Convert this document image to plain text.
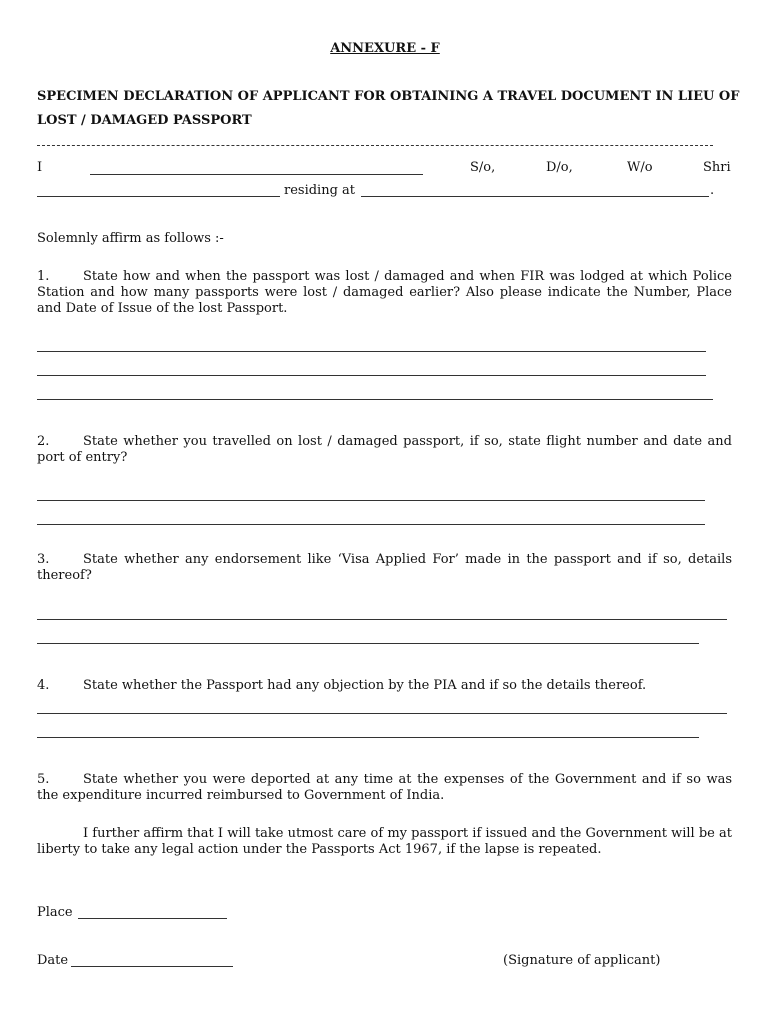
ANNEXURE - F
SPECIMEN DECLARATION OF APPLICANT FOR OBTAINING A TRAVEL DOCUMENT IN LIEU OF
LOST / DAMAGED PASSPORT
I	S/o,	D/o,	W/o	Shri
residing at	.
Solemnly affirm as follows :-
1.	State how and when the passport was lost / damaged and when FIR was lodged at which Police Station and how many passports were lost / damaged earlier? Also please indicate the Number, Place and Date of Issue of the lost Passport.
2.	State whether you travelled on lost / damaged passport, if so, state flight number and date and port of entry?
3.	State whether any endorsement like ‘Visa Applied For’ made in the passport and if so, details thereof?
4.	State whether the Passport had any objection by the PIA and if so the details thereof.
5.	State whether you were deported at any time at the expenses of the Government and if so was the expenditure incurred reimbursed to Government of India.
I further affirm that I will take utmost care of my passport if issued and the Government will be at liberty to take any legal action under the Passports Act 1967, if the lapse is repeated.
Place
Date	(Signature of applicant)
